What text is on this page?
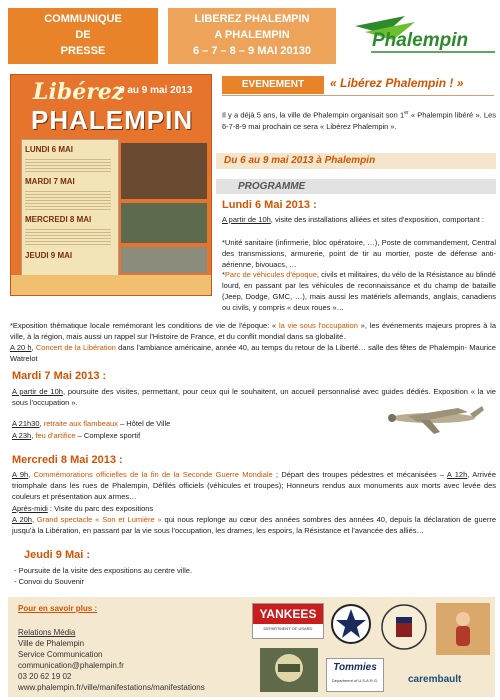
COMMUNIQUE
DE
PRESSE
LIBEREZ PHALEMPIN
A PHALEMPIN
6 – 7 – 8 – 9 MAI 20130	Phalempin
Libérez
6 au 9 mai 2013
PHALEMPIN
LUNDI 6 MAI
MARDI 7 MAI
MERCREDI 8 MAI
JEUDI 9 MAI
EVENEMENT	« Libérez Phalempin ! »
Il y a déjà 5 ans, la ville de Phalempin organisait son 1er « Phalempin libéré ». Les 6-7-8-9 mai prochain ce sera « Libérez Phalempin ».
Du 6 au 9 mai 2013 à Phalempin
PROGRAMME
Lundi 6 Mai 2013 :
A partir de 10h, visite des installations alliées et sites d'exposition, comportant :
*Unité sanitaire (infirmerie, bloc opératoire, …), Poste de commandement, Central des transmissions, armurerie, point de tir au mortier, poste de défense anti-aérienne, bivouacs, …
*Parc de véhicules d'époque, civils et militaires, du vélo de la Résistance au blindé lourd, en passant par les véhicules de reconnaissance et du champ de bataille (Jeep, Dodge, GMC, …), mais aussi les matériels allemands, anglais, canadiens ou civils, y compris « deux roues »…
*Exposition thématique locale remémorant les conditions de vie de l'époque: « la vie sous l'occupation », les événements majeurs propres à la ville, à la région, mais aussi un rappel sur l'Histoire de France, et du conflit mondial dans sa globalité.
A 20 h, Concert de la Libération dans l'ambiance américaine, année 40, au temps du retour de la Liberté… salle des fêtes de Phalempin- Maurice Watrelot
Mardi 7 Mai 2013 :
A partir de 10h, poursuite des visites, permettant, pour ceux qui le souhaitent, un accueil personnalisé avec guides dédiés. Exposition « la vie sous l'occupation ».
A 21h30, retraite aux flambeaux – Hôtel de Ville
A 23h, feu d'artifice – Complexe sportif
Mercredi 8 Mai 2013 :
A 9h, Commémorations officielles de la fin de la Seconde Guerre Mondiale ; Départ des troupes pédestres et mécanisées – A 12h, Arrivée triomphale dans les rues de Phalempin, Défilés officiels (véhicules et troupes); Honneurs rendus aux monuments aux morts avec levée des couleurs et présentation aux armes…
Après-midi : Visite du parc des expositions
A 20h, Grand spectacle « Son et Lumière » qui nous replonge au cœur des années sombres des années 40, depuis la déclaration de guerre jusqu'à la Libération, en passant par la vie sous l'occupation, les drames, les espoirs, la Résistance et l'avancée des alliés…
Jeudi 9 Mai :
- Poursuite de la visite des expositions au centre ville.
- Convoi du Souvenir
Pour en savoir plus :
Relations Média
Ville de Phalempin
Service Communication
communication@phalempin.fr
03 20 62 19 02
www.phalempin.fr/ville/manifestations/manifestations
YANKEES
DEPARTMENT OF USARD
Tommies
Department of U.S.A.R.G.	carembault
